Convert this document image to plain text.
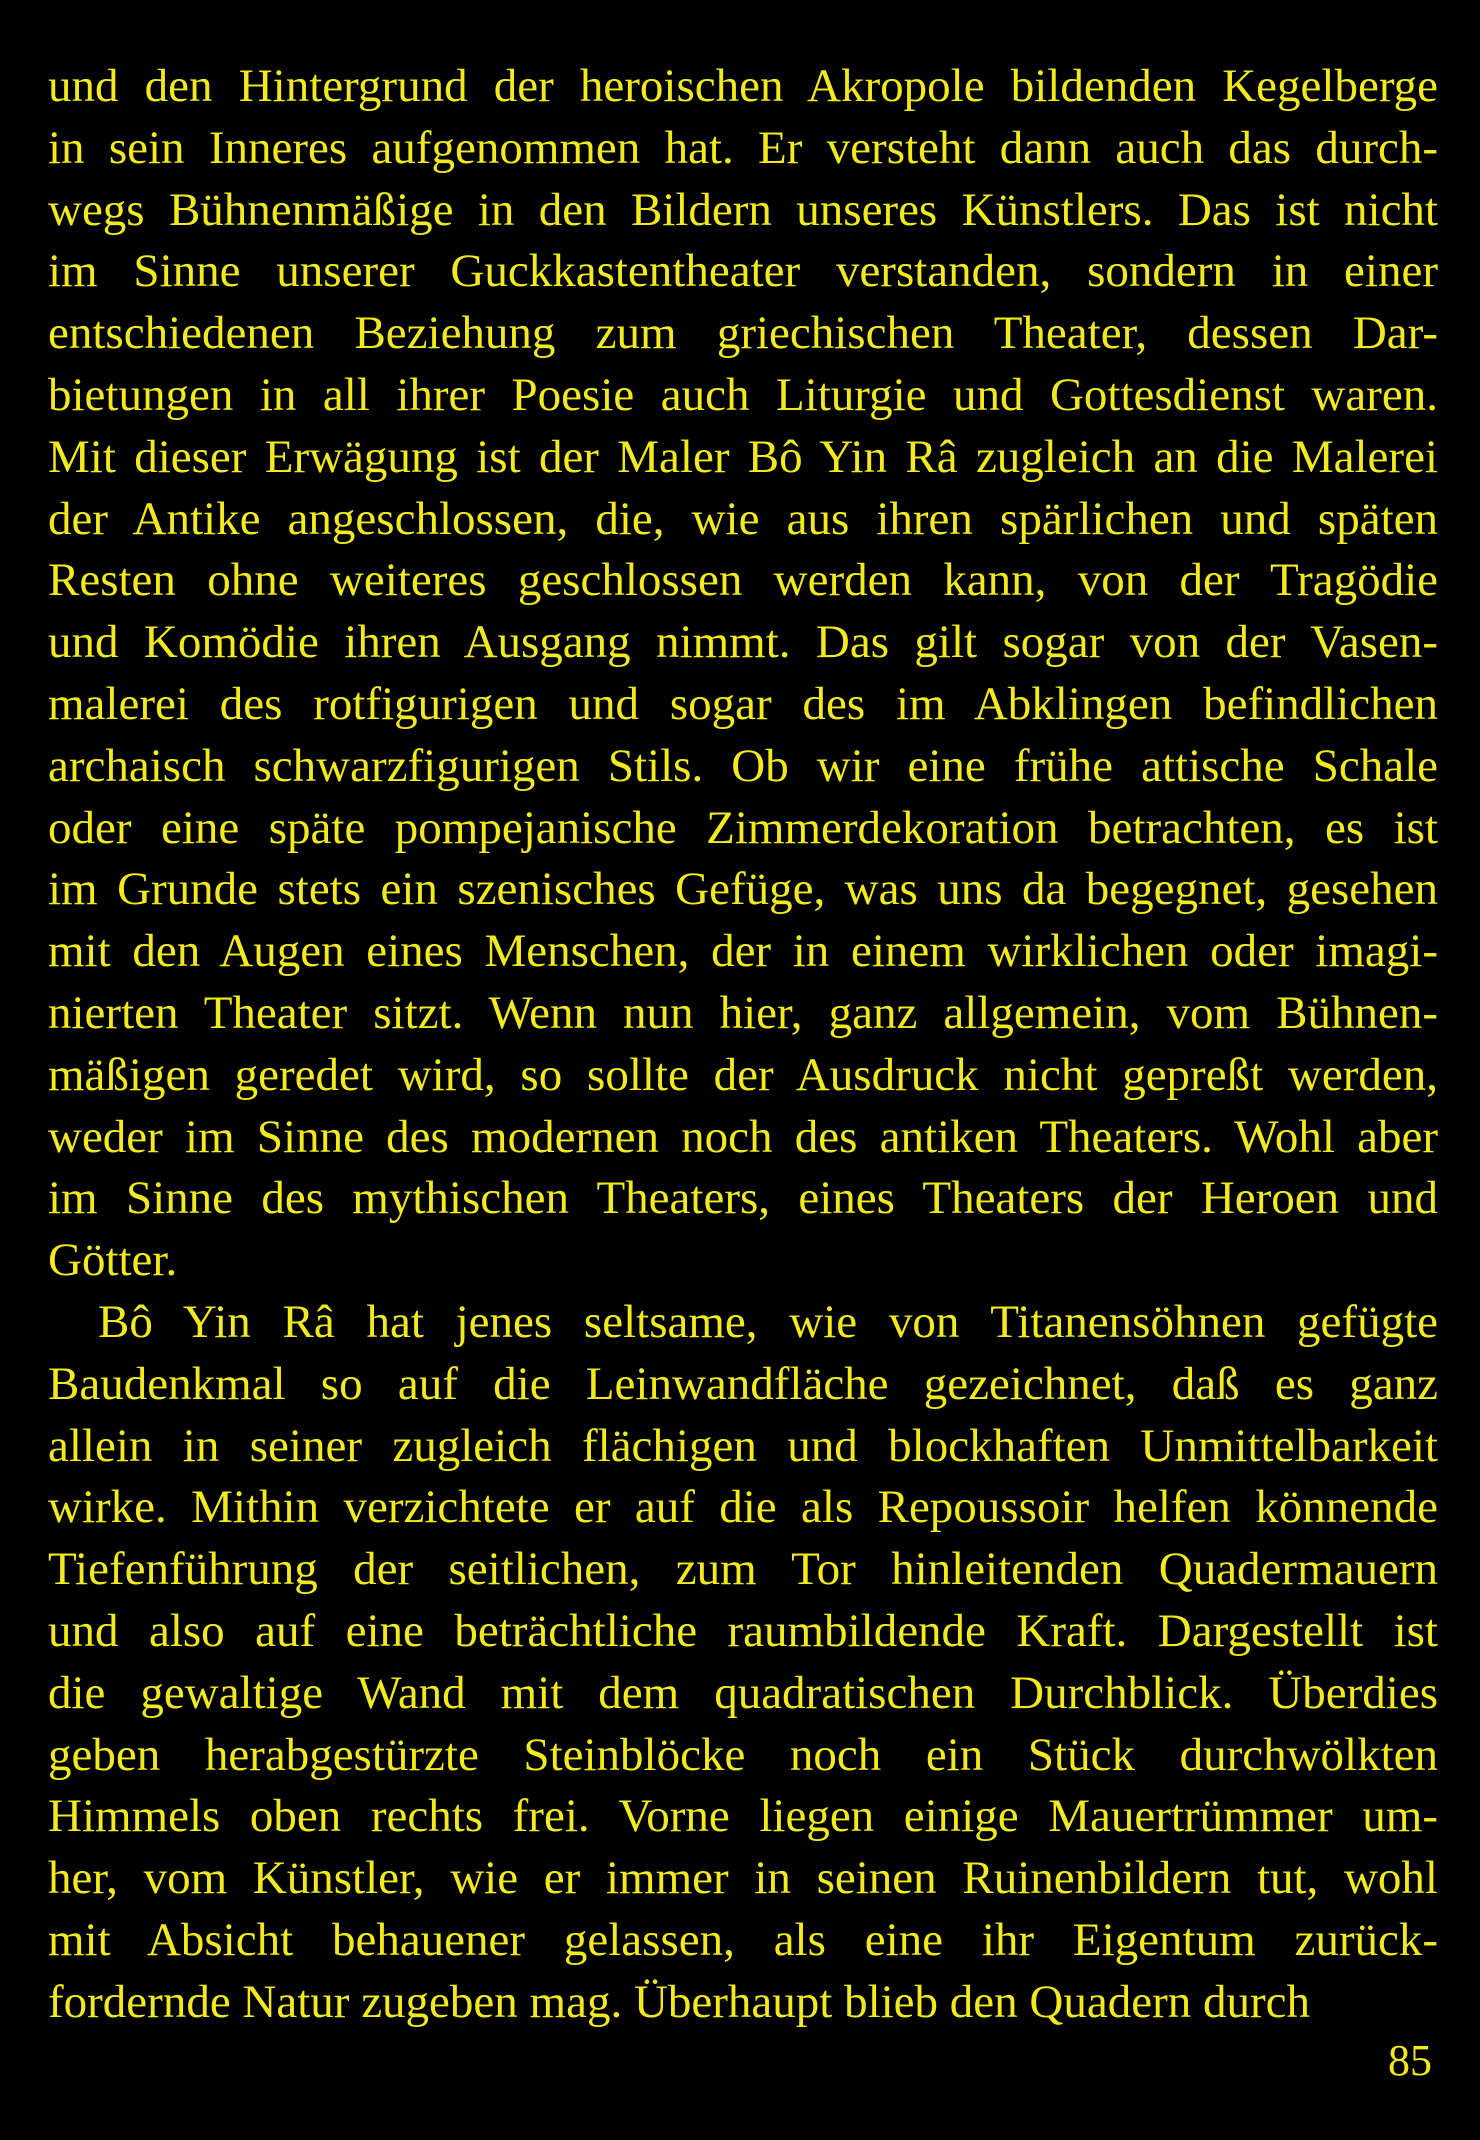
und den Hintergrund der heroischen Akropole bildenden Kegelberge
in sein Inneres aufgenommen hat. Er versteht dann auch das durch-
wegs Bühnenmäßige in den Bildern unseres Künstlers. Das ist nicht
im Sinne unserer Guckkastentheater verstanden, sondern in einer
entschiedenen Beziehung zum griechischen Theater, dessen Dar-
bietungen in all ihrer Poesie auch Liturgie und Gottesdienst waren.
Mit dieser Erwägung ist der Maler Bô Yin Râ zugleich an die Malerei
der Antike angeschlossen, die, wie aus ihren spärlichen und späten
Resten ohne weiteres geschlossen werden kann, von der Tragödie
und Komödie ihren Ausgang nimmt. Das gilt sogar von der Vasen-
malerei des rotfigurigen und sogar des im Abklingen befindlichen
archaisch schwarzfigurigen Stils. Ob wir eine frühe attische Schale
oder eine späte pompejanische Zimmerdekoration betrachten, es ist
im Grunde stets ein szenisches Gefüge, was uns da begegnet, gesehen
mit den Augen eines Menschen, der in einem wirklichen oder imagi-
nierten Theater sitzt. Wenn nun hier, ganz allgemein, vom Bühnen-
mäßigen geredet wird, so sollte der Ausdruck nicht gepreßt werden,
weder im Sinne des modernen noch des antiken Theaters. Wohl aber
im Sinne des mythischen Theaters, eines Theaters der Heroen und
Götter.
Bô Yin Râ hat jenes seltsame, wie von Titanensöhnen gefügte
Baudenkmal so auf die Leinwandfläche gezeichnet, daß es ganz
allein in seiner zugleich flächigen und blockhaften Unmittelbarkeit
wirke. Mithin verzichtete er auf die als Repoussoir helfen könnende
Tiefenführung der seitlichen, zum Tor hinleitenden Quadermauern
und also auf eine beträchtliche raumbildende Kraft. Dargestellt ist
die gewaltige Wand mit dem quadratischen Durchblick. Überdies
geben herabgestürzte Steinblöcke noch ein Stück durchwölkten
Himmels oben rechts frei. Vorne liegen einige Mauertrümmer um-
her, vom Künstler, wie er immer in seinen Ruinenbildern tut, wohl
mit Absicht behauener gelassen, als eine ihr Eigentum zurück-
fordernde Natur zugeben mag. Überhaupt blieb den Quadern durch
85
